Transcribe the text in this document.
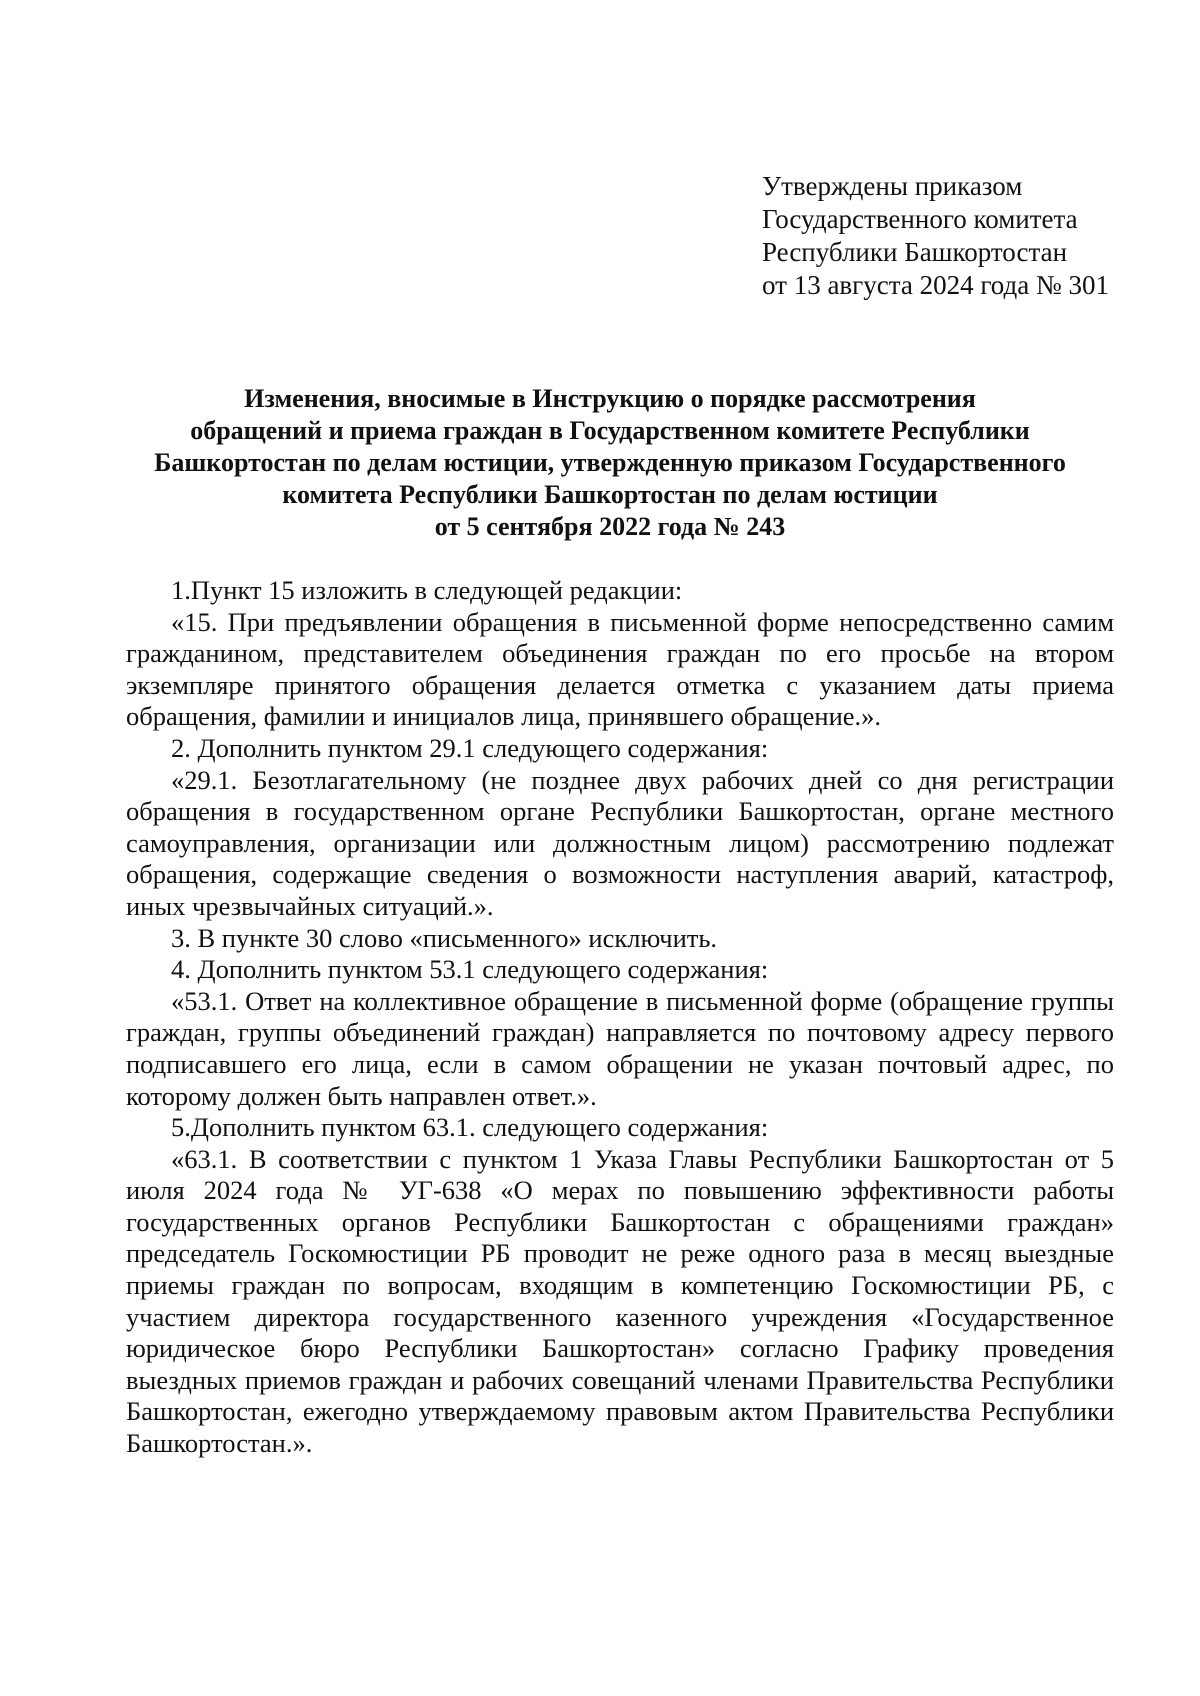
Утверждены приказом
Государственного комитета
Республики Башкортостан
от 13 августа 2024 года № 301
Изменения, вносимые в Инструкцию о порядке рассмотрения
обращений и приема граждан в Государственном комитете Республики
Башкортостан по делам юстиции, утвержденную приказом Государственного
комитета Республики Башкортостан по делам юстиции
от 5 сентября 2022 года № 243

1.Пункт 15 изложить в следующей редакции:

«15. При предъявлении обращения в письменной форме непосредственно самим гражданином, представителем объединения граждан по его просьбе на втором экземпляре принятого обращения делается отметка с указанием даты приема обращения, фамилии и инициалов лица, принявшего обращение.».

2. Дополнить пунктом 29.1 следующего содержания:

«29.1. Безотлагательному (не позднее двух рабочих дней со дня регистрации обращения в государственном органе Республики Башкортостан, органе местного самоуправления, организации или должностным лицом) рассмотрению подлежат обращения, содержащие сведения о возможности наступления аварий, катастроф, иных чрезвычайных ситуаций.».

3. В пункте 30 слово «письменного» исключить.

4. Дополнить пунктом 53.1 следующего содержания:

«53.1. Ответ на коллективное обращение в письменной форме (обращение группы граждан, группы объединений граждан) направляется по почтовому адресу первого подписавшего его лица, если в самом обращении не указан почтовый адрес, по которому должен быть направлен ответ.».

5.Дополнить пунктом 63.1. следующего содержания:

«63.1. В соответствии с пунктом 1 Указа Главы Республики Башкортостан от 5 июля 2024 года № УГ-638 «О мерах по повышению эффективности работы государственных органов Республики Башкортостан с обращениями граждан» председатель Госкомюстиции РБ проводит не реже одного раза в месяц выездные приемы граждан по вопросам, входящим в компетенцию Госкомюстиции РБ, с участием директора государственного казенного учреждения «Государственное юридическое бюро Республики Башкортостан» согласно Графику проведения выездных приемов граждан и рабочих совещаний членами Правительства Республики Башкортостан, ежегодно утверждаемому правовым актом Правительства Республики Башкортостан.».
